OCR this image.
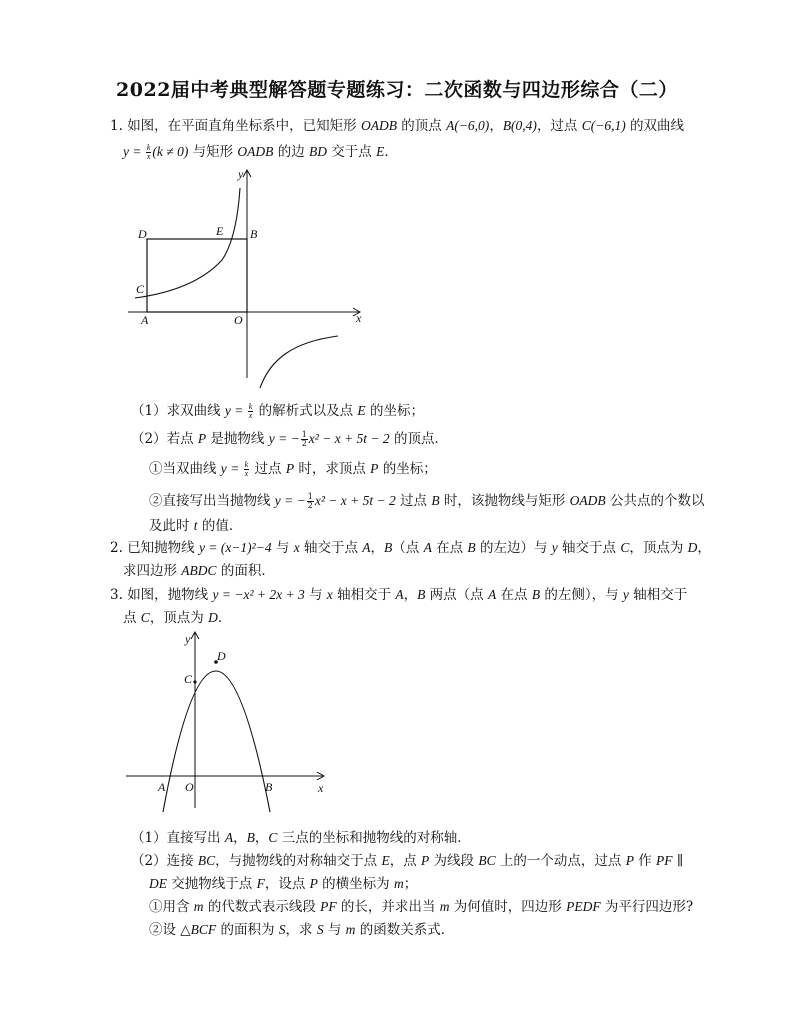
2022届中考典型解答题专题练习：二次函数与四边形综合（二）
1. 如图，在平面直角坐标系中，已知矩形 OADB 的顶点 A(−6,0)，B(0,4)，过点 C(−6,1) 的双曲线
$y = \frac{k}{x} (k \ne 0)$ 与矩形 OADB 的边 BD 交于点 E．
y
x
D	E B
C
A	O
（1）求双曲线 $y = \frac{k}{x}$ 的解析式以及点 E 的坐标；
（2）若点 P 是抛物线 y = − $\frac{1}{2} x^2 - x + 5t - 2$ 的顶点．
①当双曲线 $y = \frac{k}{x}$ 过点 P 时，求顶点 P 的坐标；
②直接写出当抛物线 y = − $\frac{1}{2} x^2 - x + 5t - 2$ 过点 B 时，该抛物线与矩形 OADB 公共点的个数以
及此时 t 的值．
2. 已知抛物线 y = (x−1)²−4 与 x 轴交于点 A，B（点 A 在点 B 的左边）与 y 轴交于点 C，顶点为 D，
求四边形 ABDC 的面积．
3. 如图，抛物线 y = −x² + 2x + 3 与 x 轴相交于 A，B 两点（点 A 在点 B 的左侧），与 y 轴相交于
点 C，顶点为 D．
y
x
D
C
A O	B
（1）直接写出 A，B，C 三点的坐标和抛物线的对称轴．
（2）连接 BC，与抛物线的对称轴交于点 E，点 P 为线段 BC 上的一个动点，过点 P 作 PF ∥
DE 交抛物线于点 F，设点 P 的横坐标为 m；
①用含 m 的代数式表示线段 PF 的长，并求出当 m 为何值时，四边形 PEDF 为平行四边形?
②设 △BCF 的面积为 S，求 S 与 m 的函数关系式．
